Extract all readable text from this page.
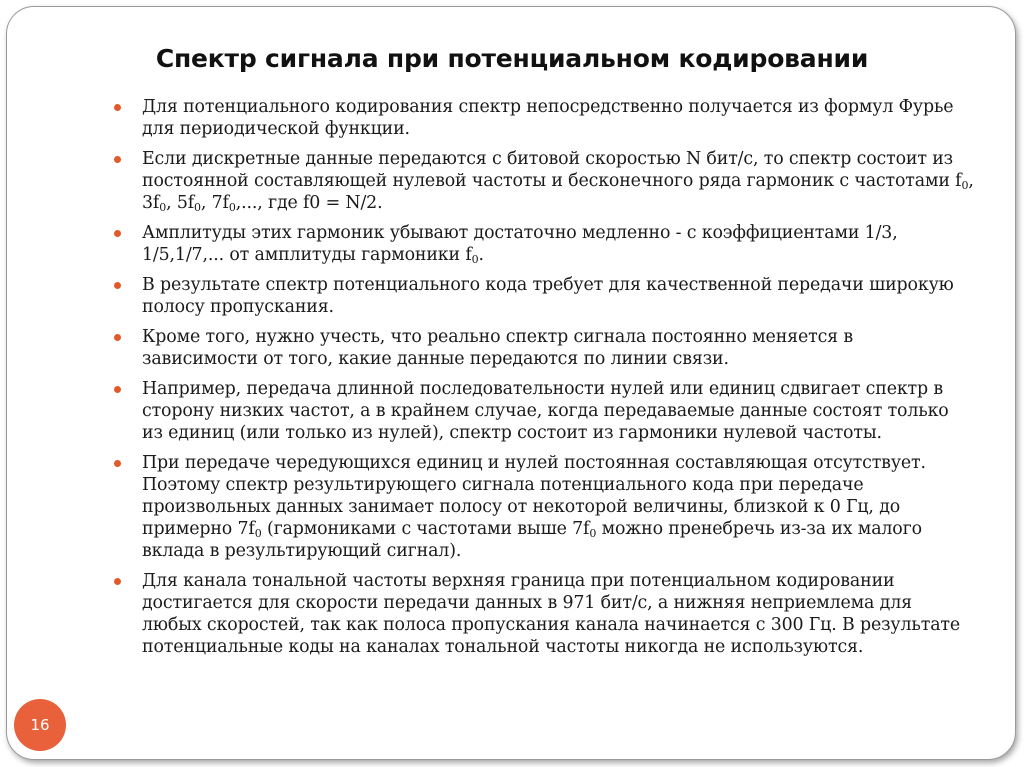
Спектр сигнала при потенциальном кодировании
Для потенциального кодирования спектр непосредственно получается из формул Фурье для периодической функции.
Если дискретные данные передаются с битовой скоростью N бит/с, то спектр состоит из постоянной составляющей нулевой частоты и бесконечного ряда гармоник с частотами $f_0$, $3f_0$, $5f_0$, $7f_0$,..., где f0 = N/2.
Амплитуды этих гармоник убывают достаточно медленно - с коэффициентами 1/3, 1/5,1/7,... от амплитуды гармоники $f_0$.
В результате спектр потенциального кода требует для качественной передачи широкую полосу пропускания.
Кроме того, нужно учесть, что реально спектр сигнала постоянно меняется в зависимости от того, какие данные передаются по линии связи.
Например, передача длинной последовательности нулей или единиц сдвигает спектр в сторону низких частот, а в крайнем случае, когда передаваемые данные состоят только из единиц (или только из нулей), спектр состоит из гармоники нулевой частоты.
При передаче чередующихся единиц и нулей постоянная составляющая отсутствует. Поэтому спектр результирующего сигнала потенциального кода при передаче произвольных данных занимает полосу от некоторой величины, близкой к 0 Гц, до примерно $7f_0$ (гармониками с частотами выше $7f_0$ можно пренебречь из-за их малого вклада в результирующий сигнал).
Для канала тональной частоты верхняя граница при потенциальном кодировании достигается для скорости передачи данных в 971 бит/с, а нижняя неприемлема для любых скоростей, так как полоса пропускания канала начинается с 300 Гц. В результате потенциальные коды на каналах тональной частоты никогда не используются.
16
